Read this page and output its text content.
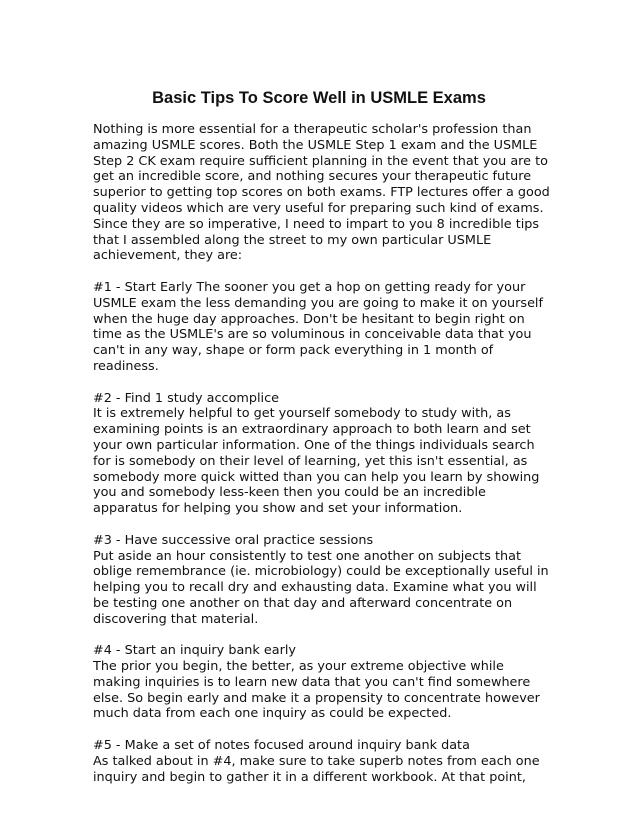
Basic Tips To Score Well in USMLE Exams

Nothing is more essential for a therapeutic scholar's profession than
amazing USMLE scores. Both the USMLE Step 1 exam and the USMLE
Step 2 CK exam require sufficient planning in the event that you are to
get an incredible score, and nothing secures your therapeutic future
superior to getting top scores on both exams. FTP lectures offer a good
quality videos which are very useful for preparing such kind of exams.
Since they are so imperative, I need to impart to you 8 incredible tips
that I assembled along the street to my own particular USMLE
achievement, they are:

#1 - Start Early The sooner you get a hop on getting ready for your
USMLE exam the less demanding you are going to make it on yourself
when the huge day approaches. Don't be hesitant to begin right on
time as the USMLE's are so voluminous in conceivable data that you
can't in any way, shape or form pack everything in 1 month of
readiness.

#2 - Find 1 study accomplice
It is extremely helpful to get yourself somebody to study with, as
examining points is an extraordinary approach to both learn and set
your own particular information. One of the things individuals search
for is somebody on their level of learning, yet this isn't essential, as
somebody more quick witted than you can help you learn by showing
you and somebody less-keen then you could be an incredible
apparatus for helping you show and set your information.

#3 - Have successive oral practice sessions
Put aside an hour consistently to test one another on subjects that
oblige remembrance (ie. microbiology) could be exceptionally useful in
helping you to recall dry and exhausting data. Examine what you will
be testing one another on that day and afterward concentrate on
discovering that material.

#4 - Start an inquiry bank early
The prior you begin, the better, as your extreme objective while
making inquiries is to learn new data that you can't find somewhere
else. So begin early and make it a propensity to concentrate however
much data from each one inquiry as could be expected.

#5 - Make a set of notes focused around inquiry bank data
As talked about in #4, make sure to take superb notes from each one
inquiry and begin to gather it in a different workbook. At that point,
